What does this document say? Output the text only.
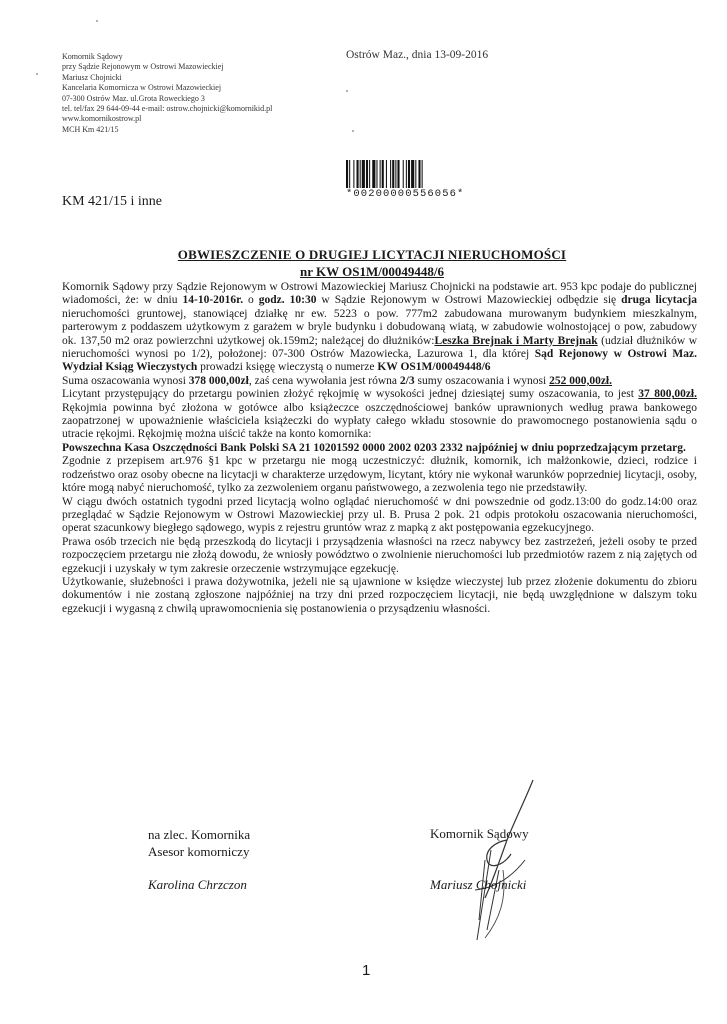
Komornik Sądowy
przy Sądzie Rejonowym w Ostrowi Mazowieckiej
Mariusz Chojnicki
Kancelaria Komornicza w Ostrowi Mazowieckiej
07-300 Ostrów Maz. ul.Grota Roweckiego 3
tel. tel/fax 29 644-09-44 e-mail: ostrow.chojnicki@komornikid.pl
www.komornikostrow.pl
MCH Km 421/15
Ostrów Maz., dnia 13-09-2016
*00200000556056*
KM 421/15 i inne
OBWIESZCZENIE O DRUGIEJ LICYTACJI NIERUCHOMOŚCI
nr KW OS1M/00049448/6

Komornik Sądowy przy Sądzie Rejonowym w Ostrowi Mazowieckiej Mariusz Chojnicki na podstawie art. 953 kpc podaje do publicznej wiadomości, że: w dniu 14-10-2016r. o godz. 10:30 w Sądzie Rejonowym w Ostrowi Mazowieckiej odbędzie się druga licytacja nieruchomości gruntowej, stanowiącej działkę nr ew. 5223 o pow. 777m2 zabudowana murowanym budynkiem mieszkalnym, parterowym z poddaszem użytkowym z garażem w bryle budynku i dobudowaną wiatą, w zabudowie wolnostojącej o pow, zabudowy ok. 137,50 m2 oraz powierzchni użytkowej ok.159m2; należącej do dłużników:Leszka Brejnak i Marty Brejnak (udział dłużników w nieruchomości wynosi po 1/2), położonej: 07-300 Ostrów Mazowiecka, Lazurowa 1, dla której Sąd Rejonowy w Ostrowi Maz. Wydział Ksiąg Wieczystych prowadzi księgę wieczystą o numerze KW OS1M/00049448/6

Suma oszacowania wynosi 378 000,00zł, zaś cena wywołania jest równa 2/3 sumy oszacowania i wynosi 252 000,00zł.

Licytant przystępujący do przetargu powinien złożyć rękojmię w wysokości jednej dziesiątej sumy oszacowania, to jest 37 800,00zł. Rękojmia powinna być złożona w gotówce albo książeczce oszczędnościowej banków uprawnionych według prawa bankowego zaopatrzonej w upoważnienie właściciela książeczki do wypłaty całego wkładu stosownie do prawomocnego postanowienia sądu o utracie rękojmi. Rękojmię można uiścić także na konto komornika:

Powszechna Kasa Oszczędności Bank Polski SA 21 10201592 0000 2002 0203 2332 najpóźniej w dniu poprzedzającym przetarg.

Zgodnie z przepisem art.976 §1 kpc w przetargu nie mogą uczestniczyć: dłużnik, komornik, ich małżonkowie, dzieci, rodzice i rodzeństwo oraz osoby obecne na licytacji w charakterze urzędowym, licytant, który nie wykonał warunków poprzedniej licytacji, osoby, które mogą nabyć nieruchomość, tylko za zezwoleniem organu państwowego, a zezwolenia tego nie przedstawiły.

W ciągu dwóch ostatnich tygodni przed licytacją wolno oglądać nieruchomość w dni powszednie od godz.13:00 do godz.14:00 oraz przeglądać w Sądzie Rejonowym w Ostrowi Mazowieckiej przy ul. B. Prusa 2 pok. 21 odpis protokołu oszacowania nieruchomości, operat szacunkowy biegłego sądowego, wypis z rejestru gruntów wraz z mapką z akt postępowania egzekucyjnego.

Prawa osób trzecich nie będą przeszkodą do licytacji i przysądzenia własności na rzecz nabywcy bez zastrzeżeń, jeżeli osoby te przed rozpoczęciem przetargu nie złożą dowodu, że wniosły powództwo o zwolnienie nieruchomości lub przedmiotów razem z nią zajętych od egzekucji i uzyskały w tym zakresie orzeczenie wstrzymujące egzekucję.

Użytkowanie, służebności i prawa dożywotnika, jeżeli nie są ujawnione w księdze wieczystej lub przez złożenie dokumentu do zbioru dokumentów i nie zostaną zgłoszone najpóźniej na trzy dni przed rozpoczęciem licytacji, nie będą uwzględnione w dalszym toku egzekucji i wygasną z chwilą uprawomocnienia się postanowienia o przysądzeniu własności.

na zlec. Komornika
Asesor komorniczy
Karolina Chrzczon
Komornik Sądowy
Mariusz Chojnicki
1
